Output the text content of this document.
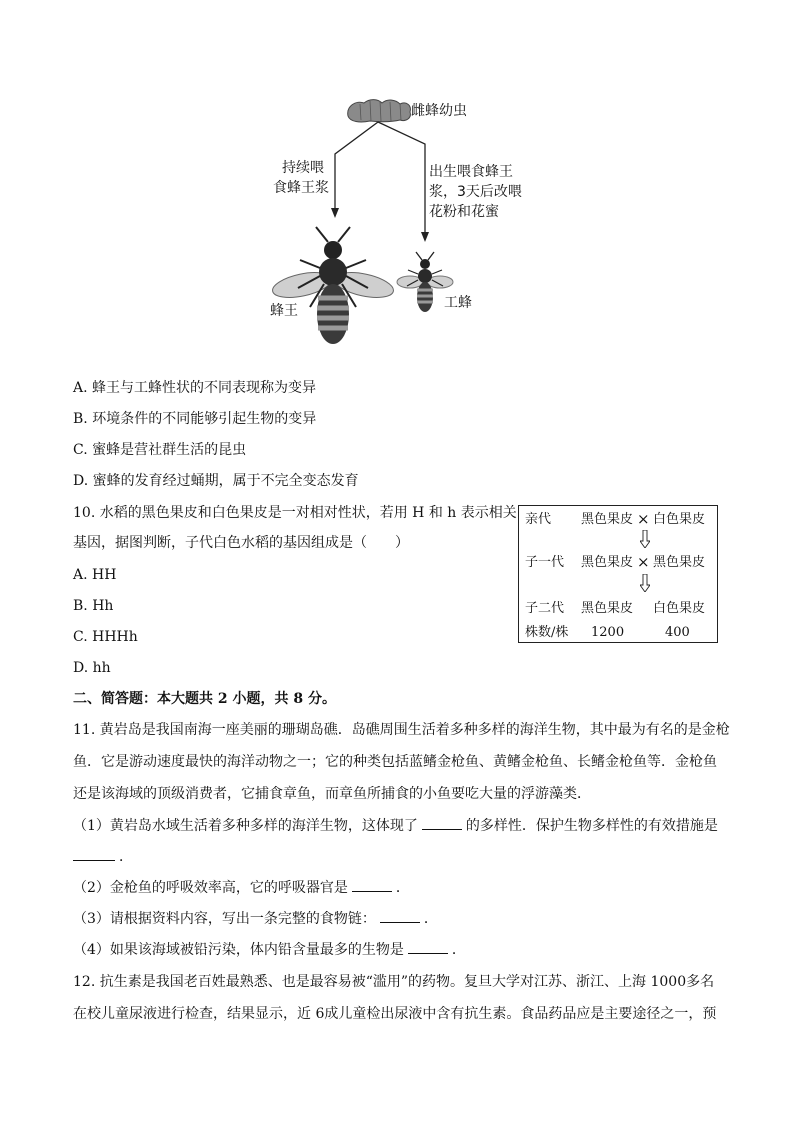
雌蜂幼虫
持续喂
食蜂王浆
出生喂食蜂王
浆，3天后改喂
花粉和花蜜
蜂王	工蜂
A. 蜂王与工蜂性状的不同表现称为变异
B. 环境条件的不同能够引起生物的变异
C. 蜜蜂是营社群生活的昆虫
D. 蜜蜂的发育经过蛹期，属于不完全变态发育
10. 水稻的黑色果皮和白色果皮是一对相对性状，若用 H 和 h 表示相关
基因，据图判断，子代白色水稻的基因组成是（　　）
A. HH
B. Hh
C. HHHh
D. hh
亲代 黑色果皮 × 白色果皮
子一代 黑色果皮 × 黑色果皮
子二代 黑色果皮 白色果皮
株数/株 1200	400
二、简答题：本大题共 2 小题，共 8 分。
11. 黄岩岛是我国南海一座美丽的珊瑚岛礁．岛礁周围生活着多种多样的海洋生物，其中最为有名的是金枪
鱼．它是游动速度最快的海洋动物之一；它的种类包括蓝鳍金枪鱼、黄鳍金枪鱼、长鳍金枪鱼等．金枪鱼
还是该海域的顶级消费者，它捕食章鱼，而章鱼所捕食的小鱼要吃大量的浮游藻类．
（1）黄岩岛水域生活着多种多样的海洋生物，这体现了	的多样性．保护生物多样性的有效措施是
．
（2）金枪鱼的呼吸效率高，它的呼吸器官是	．
（3）请根据资料内容，写出一条完整的食物链：	．
（4）如果该海域被铅污染，体内铅含量最多的生物是	．
12. 抗生素是我国老百姓最熟悉、也是最容易被“滥用”的药物。复旦大学对江苏、浙江、上海 1000多名
在校儿童尿液进行检查，结果显示，近 6成儿童检出尿液中含有抗生素。食品药品应是主要途径之一，预
